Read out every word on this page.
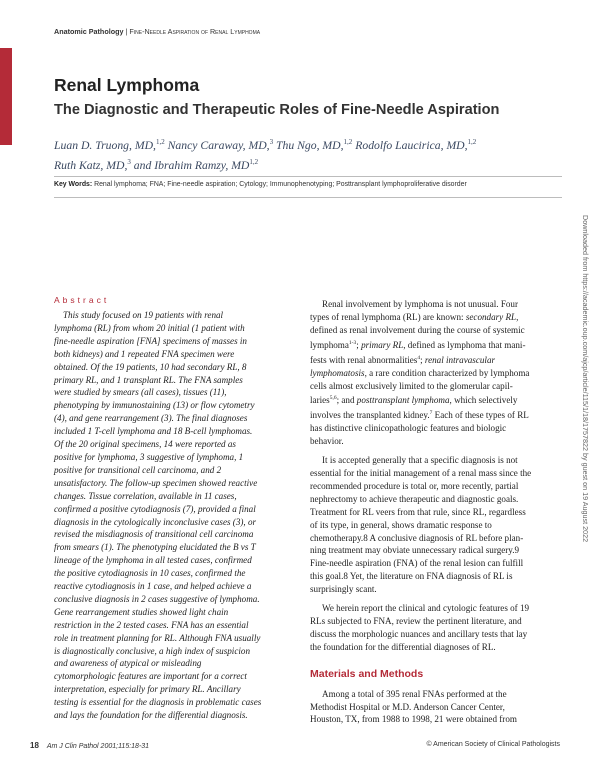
Anatomic Pathology | Fine-Needle Aspiration of Renal Lymphoma
Renal Lymphoma
The Diagnostic and Therapeutic Roles of Fine-Needle Aspiration
Luan D. Truong, MD,$^{1,2}$ Nancy Caraway, MD,$^3$ Thu Ngo, MD,$^{1,2}$ Rodolfo Laucirica, MD,$^{1,2}$
Ruth Katz, MD,$^3$ and Ibrahim Ramzy, MD$^{1,2}$
Key Words: Renal lymphoma; FNA; Fine-needle aspiration; Cytology; Immunophenotyping; Posttransplant lymphoproliferative disorder
Downloaded from https://academic.oup.com/ajcp/article/115/1/18/1757822 by guest on 19 August 2022
Abstract
This study focused on 19 patients with renal
lymphoma (RL) from whom 20 initial (1 patient with
fine-needle aspiration [FNA] specimens of masses in
both kidneys) and 1 repeated FNA specimen were
obtained. Of the 19 patients, 10 had secondary RL, 8
primary RL, and 1 transplant RL. The FNA samples
were studied by smears (all cases), tissues (11),
phenotyping by immunostaining (13) or flow cytometry
(4), and gene rearrangement (3). The final diagnoses
included 1 T-cell lymphoma and 18 B-cell lymphomas.
Of the 20 original specimens, 14 were reported as
positive for lymphoma, 3 suggestive of lymphoma, 1
positive for transitional cell carcinoma, and 2
unsatisfactory. The follow-up specimen showed reactive
changes. Tissue correlation, available in 11 cases,
confirmed a positive cytodiagnosis (7), provided a final
diagnosis in the cytologically inconclusive cases (3), or
revised the misdiagnosis of transitional cell carcinoma
from smears (1). The phenotyping elucidated the B vs T
lineage of the lymphoma in all tested cases, confirmed
the positive cytodiagnosis in 10 cases, confirmed the
reactive cytodiagnosis in 1 case, and helped achieve a
conclusive diagnosis in 2 cases suggestive of lymphoma.
Gene rearrangement studies showed light chain
restriction in the 2 tested cases. FNA has an essential
role in treatment planning for RL. Although FNA usually
is diagnostically conclusive, a high index of suspicion
and awareness of atypical or misleading
cytomorphologic features are important for a correct
interpretation, especially for primary RL. Ancillary
testing is essential for the diagnosis in problematic cases
and lays the foundation for the differential diagnosis.
Renal involvement by lymphoma is not unusual. Four
types of renal lymphoma (RL) are known: secondary RL,
defined as renal involvement during the course of systemic
lymphoma$^{1-3}$; primary RL, defined as lymphoma that mani-
fests with renal abnormalities$^4$; renal intravascular
lymphomatosis, a rare condition characterized by lymphoma
cells almost exclusively limited to the glomerular capil-
laries$^{5,6}$; and posttransplant lymphoma, which selectively
involves the transplanted kidney.$^7$ Each of these types of RL
has distinctive clinicopathologic features and biologic
behavior.
It is accepted generally that a specific diagnosis is not
essential for the initial management of a renal mass since the
recommended procedure is total or, more recently, partial
nephrectomy to achieve therapeutic and diagnostic goals.
Treatment for RL veers from that rule, since RL, regardless
of its type, in general, shows dramatic response to
chemotherapy.8 A conclusive diagnosis of RL before plan-
ning treatment may obviate unnecessary radical surgery.9
Fine-needle aspiration (FNA) of the renal lesion can fulfill
this goal.8 Yet, the literature on FNA diagnosis of RL is
surprisingly scant.
We herein report the clinical and cytologic features of 19
RLs subjected to FNA, review the pertinent literature, and
discuss the morphologic nuances and ancillary tests that lay
the foundation for the differential diagnoses of RL.
Materials and Methods
Among a total of 395 renal FNAs performed at the
Methodist Hospital or M.D. Anderson Cancer Center,
Houston, TX, from 1988 to 1998, 21 were obtained from
18 Am J Clin Pathol 2001;115:18-31	© American Society of Clinical Pathologists
